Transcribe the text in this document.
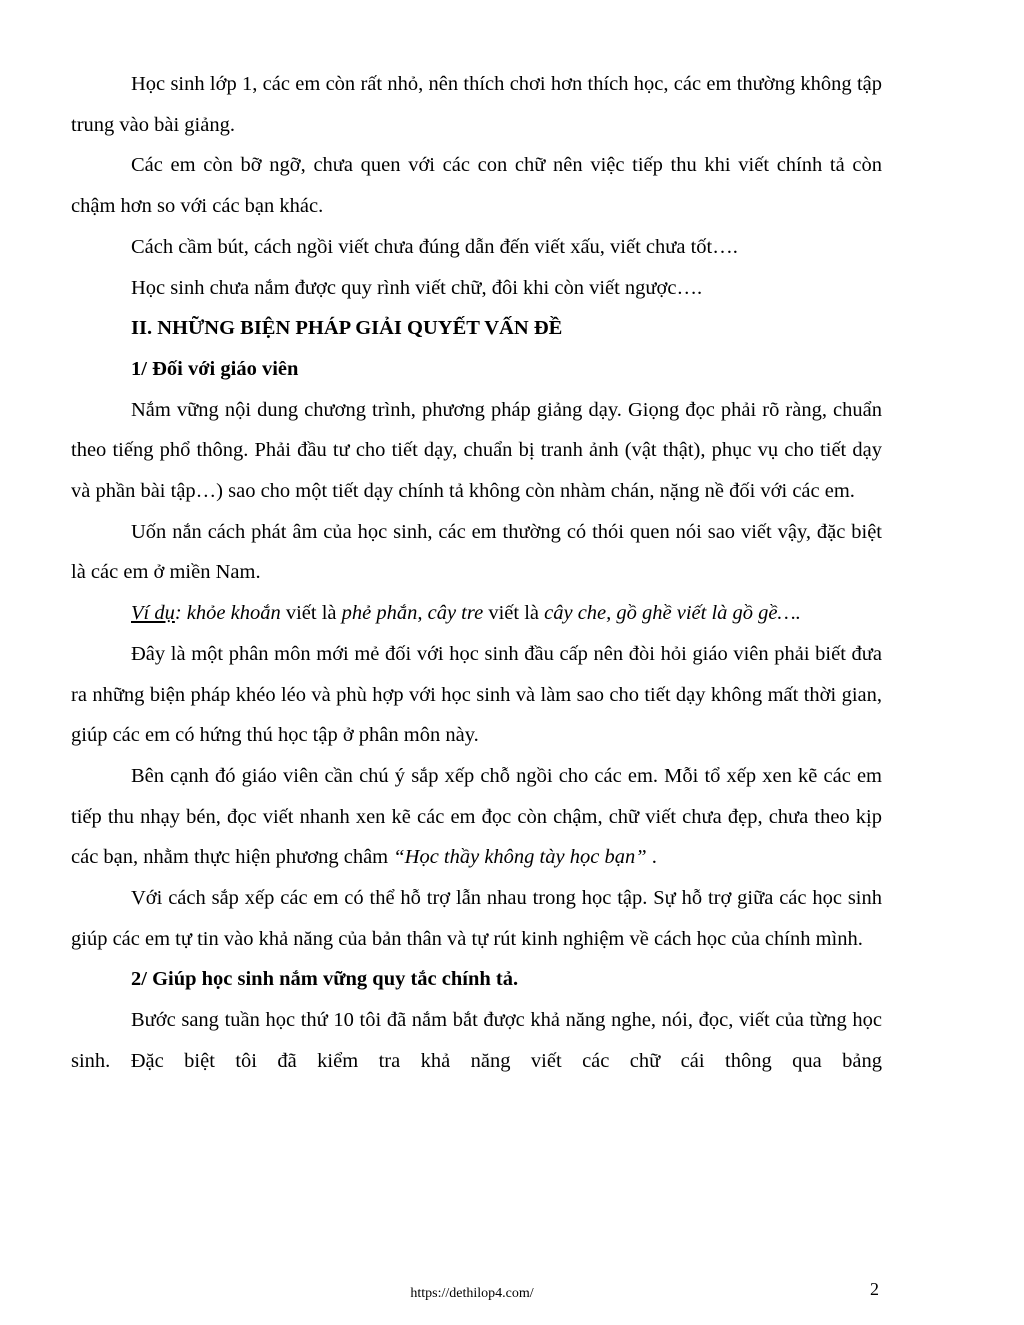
Học sinh lớp 1, các em còn rất nhỏ, nên thích chơi hơn thích học, các em thường không tập trung vào bài giảng.

Các em còn bỡ ngỡ, chưa quen với các con chữ nên việc tiếp thu khi viết chính tả còn chậm hơn so với các bạn khác.

Cách cầm bút, cách ngồi viết chưa đúng dẫn đến viết xấu, viết chưa tốt….

Học sinh chưa nắm được quy rình viết chữ, đôi khi còn viết ngược….

II. NHỮNG BIỆN PHÁP GIẢI QUYẾT VẤN ĐỀ

1/ Đối với giáo viên

Nắm vững nội dung chương trình, phương pháp giảng dạy. Giọng đọc phải rõ ràng, chuẩn theo tiếng phổ thông. Phải đầu tư cho tiết dạy, chuẩn bị tranh ảnh (vật thật), phục vụ cho tiết dạy và phần bài tập…) sao cho một tiết dạy chính tả không còn nhàm chán, nặng nề đối với các em.

Uốn nắn cách phát âm của học sinh, các em thường có thói quen nói sao viết vậy, đặc biệt là các em ở miền Nam.

Ví dụ: khỏe khoắn viết là phẻ phắn, cây tre viết là cây che, gồ ghề viết là gồ gề….

Đây là một phân môn mới mẻ đối với học sinh đầu cấp nên đòi hỏi giáo viên phải biết đưa ra những biện pháp khéo léo và phù hợp với học sinh và làm sao cho tiết dạy không mất thời gian, giúp các em có hứng thú học tập ở phân môn này.

Bên cạnh đó giáo viên cần chú ý sắp xếp chỗ ngồi cho các em. Mỗi tổ xếp xen kẽ các em tiếp thu nhạy bén, đọc viết nhanh xen kẽ các em đọc còn chậm, chữ viết chưa đẹp, chưa theo kịp các bạn, nhằm thực hiện phương châm “Học thầy không tày học bạn” .

Với cách sắp xếp các em có thể hỗ trợ lẫn nhau trong học tập. Sự hỗ trợ giữa các học sinh giúp các em tự tin vào khả năng của bản thân và tự rút kinh nghiệm về cách học của chính mình.

2/ Giúp học sinh nắm vững quy tắc chính tả.

Bước sang tuần học thứ 10 tôi đã nắm bắt được khả năng nghe, nói, đọc, viết của từng học sinh. Đặc biệt tôi đã kiểm tra khả năng viết các chữ cái thông qua bảng

https://dethilop4.com/	2
